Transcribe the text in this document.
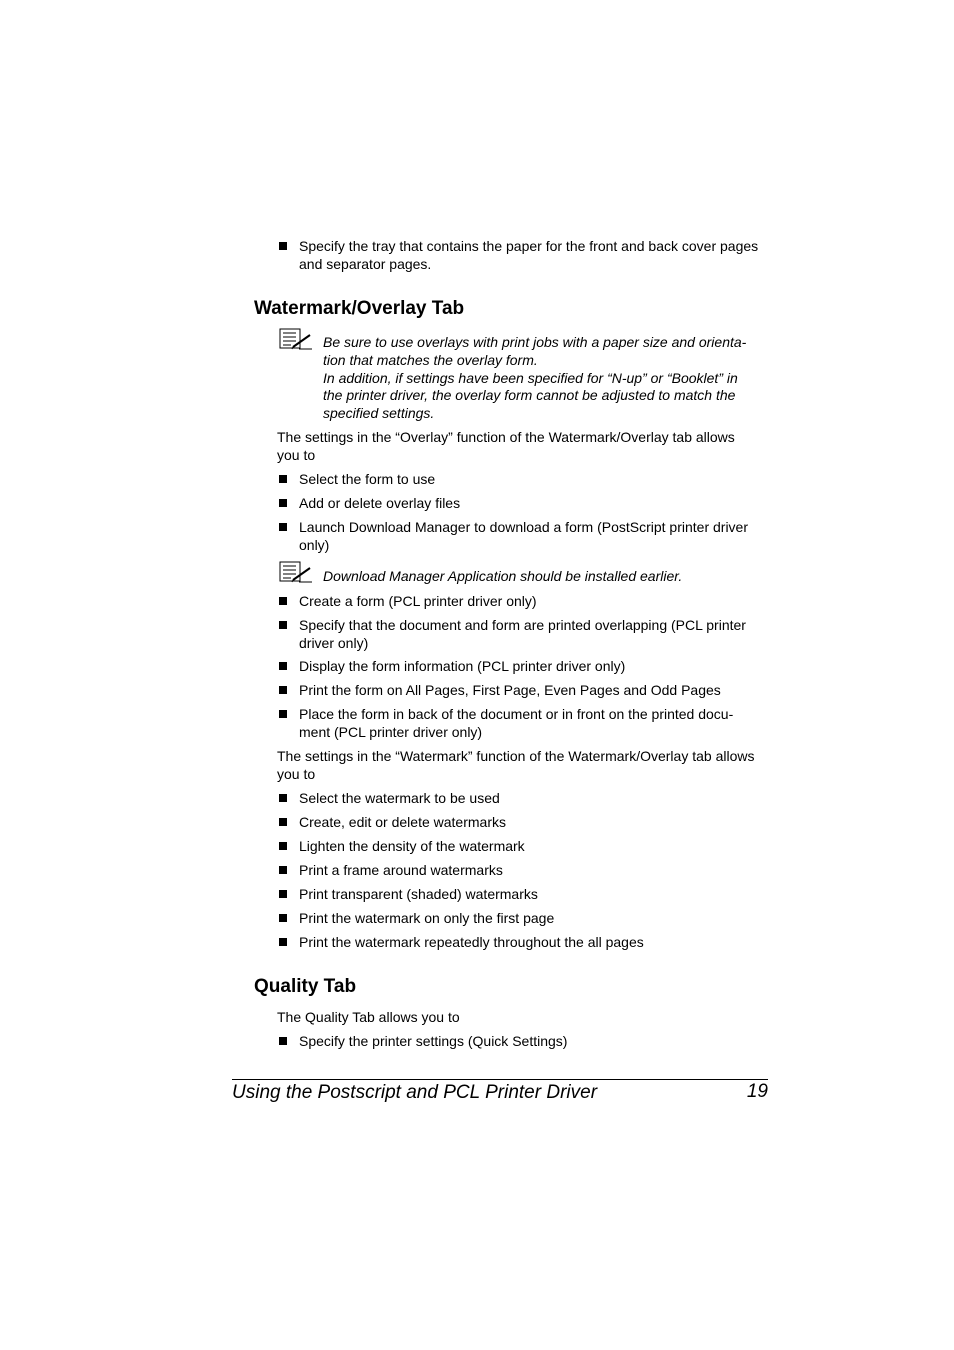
Specify the tray that contains the paper for the front and back cover pages
and separator pages.
Watermark/Overlay Tab
Be sure to use overlays with print jobs with a paper size and orienta-
tion that matches the overlay form.
In addition, if settings have been specified for “N-up” or “Booklet” in
the printer driver, the overlay form cannot be adjusted to match the
specified settings.
The settings in the “Overlay” function of the Watermark/Overlay tab allows
you to
Select the form to use
Add or delete overlay files
Launch Download Manager to download a form (PostScript printer driver
only)
Download Manager Application should be installed earlier.
Create a form (PCL printer driver only)
Specify that the document and form are printed overlapping (PCL printer
driver only)
Display the form information (PCL printer driver only)
Print the form on All Pages, First Page, Even Pages and Odd Pages
Place the form in back of the document or in front on the printed docu-
ment (PCL printer driver only)
The settings in the “Watermark” function of the Watermark/Overlay tab allows
you to
Select the watermark to be used
Create, edit or delete watermarks
Lighten the density of the watermark
Print a frame around watermarks
Print transparent (shaded) watermarks
Print the watermark on only the first page
Print the watermark repeatedly throughout the all pages
Quality Tab
The Quality Tab allows you to
Specify the printer settings (Quick Settings)
Using the Postscript and PCL Printer Driver	19
